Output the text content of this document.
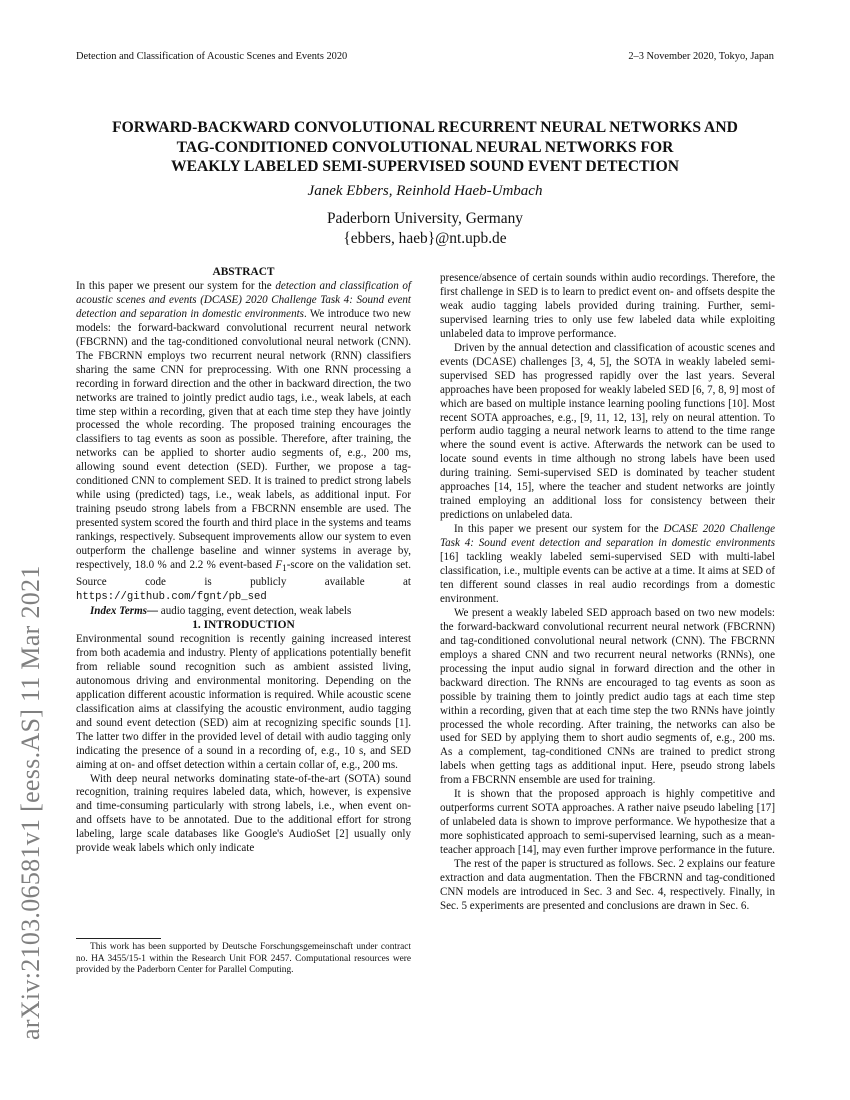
Detection and Classification of Acoustic Scenes and Events 2020	2–3 November 2020, Tokyo, Japan
arXiv:2103.06581v1 [eess.AS] 11 Mar 2021
FORWARD-BACKWARD CONVOLUTIONAL RECURRENT NEURAL NETWORKS AND
TAG-CONDITIONED CONVOLUTIONAL NEURAL NETWORKS FOR
WEAKLY LABELED SEMI-SUPERVISED SOUND EVENT DETECTION
Janek Ebbers, Reinhold Haeb-Umbach
Paderborn University, Germany
{ebbers, haeb}@nt.upb.de

ABSTRACT

In this paper we present our system for the detection and classification of acoustic scenes and events (DCASE) 2020 Challenge Task 4: Sound event detection and separation in domestic environments. We introduce two new models: the forward-backward convolutional recurrent neural network (FBCRNN) and the tag-conditioned convolutional neural network (CNN). The FBCRNN employs two recurrent neural network (RNN) classifiers sharing the same CNN for preprocessing. With one RNN processing a recording in forward direction and the other in backward direction, the two networks are trained to jointly predict audio tags, i.e., weak labels, at each time step within a recording, given that at each time step they have jointly processed the whole recording. The proposed training encourages the classifiers to tag events as soon as possible. Therefore, after training, the networks can be applied to shorter audio segments of, e.g., 200 ms, allowing sound event detection (SED). Further, we propose a tag-conditioned CNN to complement SED. It is trained to predict strong labels while using (predicted) tags, i.e., weak labels, as additional input. For training pseudo strong labels from a FBCRNN ensemble are used. The presented system scored the fourth and third place in the systems and teams rankings, respectively. Subsequent improvements allow our system to even outperform the challenge baseline and winner systems in average by, respectively, 18.0 % and 2.2 % event-based $F_1$-score on the validation set. Source code is publicly available at https://github.com/fgnt/pb_sed

Index Terms— audio tagging, event detection, weak labels

1. INTRODUCTION

Environmental sound recognition is recently gaining increased interest from both academia and industry. Plenty of applications potentially benefit from reliable sound recognition such as ambient assisted living, autonomous driving and environmental monitoring. Depending on the application different acoustic information is required. While acoustic scene classification aims at classifying the acoustic environment, audio tagging and sound event detection (SED) aim at recognizing specific sounds [1]. The latter two differ in the provided level of detail with audio tagging only indicating the presence of a sound in a recording of, e.g., 10 s, and SED aiming at on- and offset detection within a certain collar of, e.g., 200 ms.

With deep neural networks dominating state-of-the-art (SOTA) sound recognition, training requires labeled data, which, however, is expensive and time-consuming particularly with strong labels, i.e., when event on- and offsets have to be annotated. Due to the additional effort for strong labeling, large scale databases like Google's AudioSet [2] usually only provide weak labels which only indicate

This work has been supported by Deutsche Forschungsgemeinschaft under contract no. HA 3455/15-1 within the Research Unit FOR 2457. Computational resources were provided by the Paderborn Center for Parallel Computing.

presence/absence of certain sounds within audio recordings. Therefore, the first challenge in SED is to learn to predict event on- and offsets despite the weak audio tagging labels provided during training. Further, semi-supervised learning tries to only use few labeled data while exploiting unlabeled data to improve performance.

Driven by the annual detection and classification of acoustic scenes and events (DCASE) challenges [3, 4, 5], the SOTA in weakly labeled semi-supervised SED has progressed rapidly over the last years. Several approaches have been proposed for weakly labeled SED [6, 7, 8, 9] most of which are based on multiple instance learning pooling functions [10]. Most recent SOTA approaches, e.g., [9, 11, 12, 13], rely on neural attention. To perform audio tagging a neural network learns to attend to the time range where the sound event is active. Afterwards the network can be used to locate sound events in time although no strong labels have been used during training. Semi-supervised SED is dominated by teacher student approaches [14, 15], where the teacher and student networks are jointly trained employing an additional loss for consistency between their predictions on unlabeled data.

In this paper we present our system for the DCASE 2020 Challenge Task 4: Sound event detection and separation in domestic environments [16] tackling weakly labeled semi-supervised SED with multi-label classification, i.e., multiple events can be active at a time. It aims at SED of ten different sound classes in real audio recordings from a domestic environment.

We present a weakly labeled SED approach based on two new models: the forward-backward convolutional recurrent neural network (FBCRNN) and tag-conditioned convolutional neural network (CNN). The FBCRNN employs a shared CNN and two recurrent neural networks (RNNs), one processing the input audio signal in forward direction and the other in backward direction. The RNNs are encouraged to tag events as soon as possible by training them to jointly predict audio tags at each time step within a recording, given that at each time step the two RNNs have jointly processed the whole recording. After training, the networks can also be used for SED by applying them to short audio segments of, e.g., 200 ms. As a complement, tag-conditioned CNNs are trained to predict strong labels when getting tags as additional input. Here, pseudo strong labels from a FBCRNN ensemble are used for training.

It is shown that the proposed approach is highly competitive and outperforms current SOTA approaches. A rather naive pseudo labeling [17] of unlabeled data is shown to improve performance. We hypothesize that a more sophisticated approach to semi-supervised learning, such as a mean-teacher approach [14], may even further improve performance in the future.

The rest of the paper is structured as follows. Sec. 2 explains our feature extraction and data augmentation. Then the FBCRNN and tag-conditioned CNN models are introduced in Sec. 3 and Sec. 4, respectively. Finally, in Sec. 5 experiments are presented and conclusions are drawn in Sec. 6.
